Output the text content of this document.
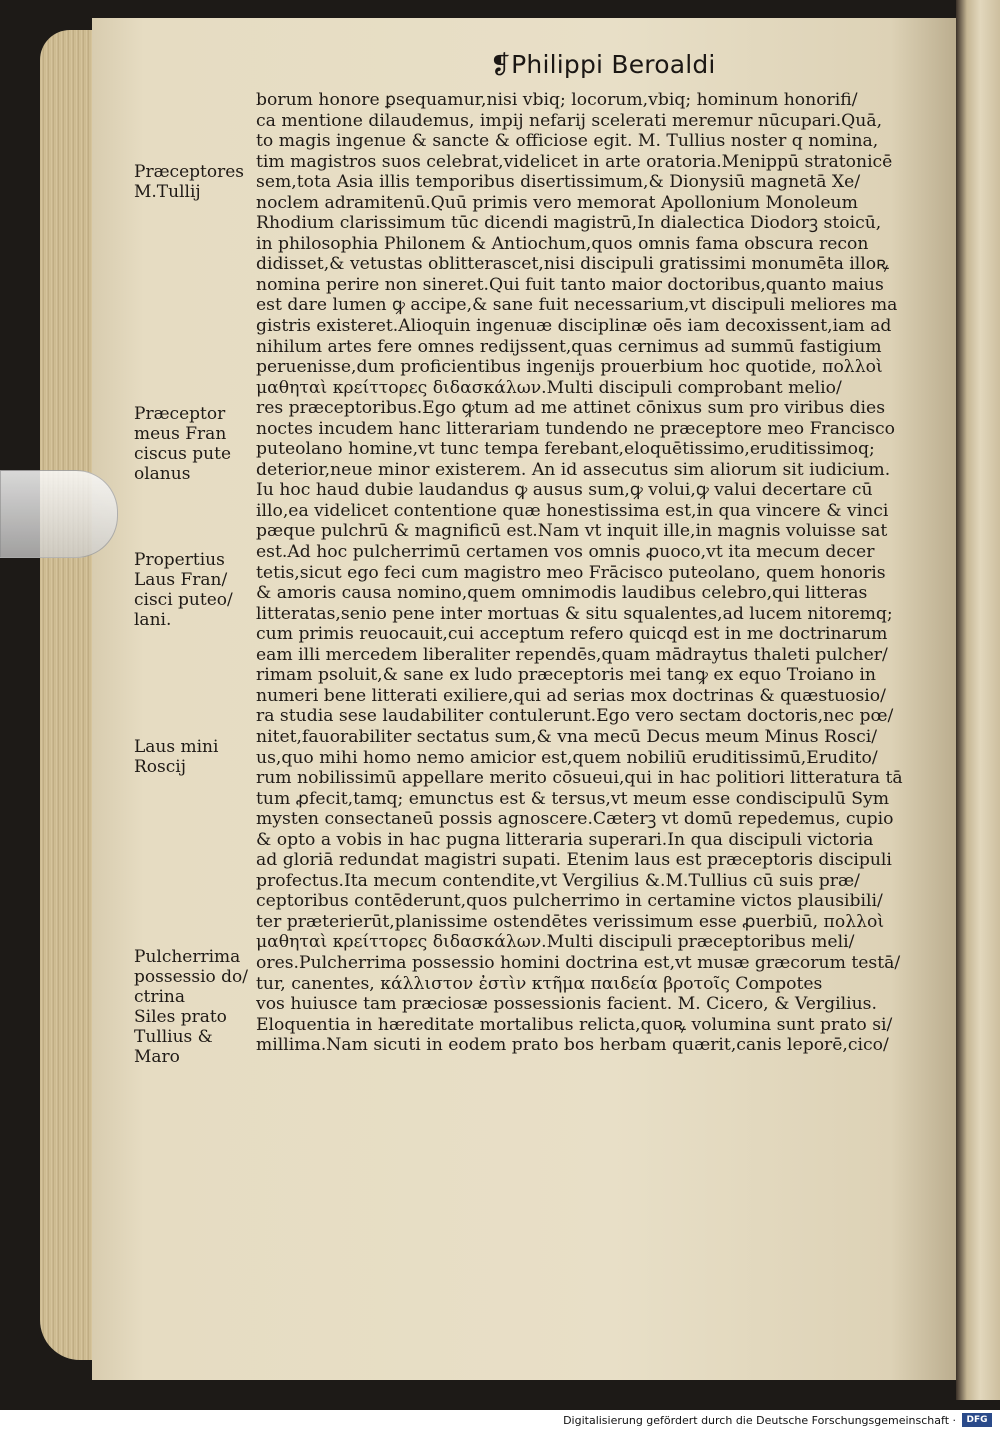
❡Philippi Beroaldi
borum honore ꝑsequamur,nisi vbiq; locorum,vbiq; hominum honorifi/
ca mentione dilaudemus, impij nefarij scelerati meremur nūcupari.Quā,
to magis ingenue & sancte & officiose egit. M. Tullius noster q nomina,
tim magistros suos celebrat,videlicet in arte oratoria.Menippū stratonicē
sem,tota Asia illis temporibus disertissimum,& Dionysiū magnetā Xe/
noclem adramitenū.Quū primis vero memorat Apollonium Monoleum
Rhodium clarissimum tūc dicendi magistrū,In dialectica Diodorꝫ stoicū,
in philosophia Philonem & Antiochum,quos omnis fama obscura recon
didisset,& vetustas oblitterascet,nisi discipuli gratissimi monumēta illoꝶ
nomina perire non sineret.Qui fuit tanto maior doctoribus,quanto maius
est dare lumen ꝙ accipe,& sane fuit necessarium,vt discipuli meliores ma
gistris existeret.Alioquin ingenuæ disciplinæ oēs iam decoxissent,iam ad
nihilum artes fere omnes redijssent,quas cernimus ad summū fastigium
peruenisse,dum proficientibus ingenijs prouerbium hoc quotide, πολλοὶ
μαθηταὶ κρείττορες διδασκάλων.Multi discipuli comprobant melio/
res præceptoribus.Ego ꝙtum ad me attinet cōnixus sum pro viribus dies
noctes incudem hanc litterariam tundendo ne præceptore meo Francisco
puteolano homine,vt tunc tempa ferebant,eloquētissimo,eruditissimoq;
deterior,neue minor existerem. An id assecutus sim aliorum sit iudicium.
Iu hoc haud dubie laudandus ꝙ ausus sum,ꝙ volui,ꝙ valui decertare cū
illo,ea videlicet contentione quæ honestissima est,in qua vincere & vinci
pæque pulchrū & magnificū est.Nam vt inquit ille,in magnis voluisse sat
est.Ad hoc pulcherrimū certamen vos omnis ꝓuoco,vt ita mecum decer
tetis,sicut ego feci cum magistro meo Frācisco puteolano, quem honoris
& amoris causa nomino,quem omnimodis laudibus celebro,qui litteras
litteratas,senio pene inter mortuas & situ squalentes,ad lucem nitoremq;
cum primis reuocauit,cui acceptum refero quicqd est in me doctrinarum
eam illi mercedem liberaliter rependēs,quam mādraytus thaleti pulcher/
rimam psoluit,& sane ex ludo præceptoris mei tanꝙ ex equo Troiano in
numeri bene litterati exiliere,qui ad serias mox doctrinas & quæstuosio/
ra studia sese laudabiliter contulerunt.Ego vero sectam doctoris,nec pœ/
nitet,fauorabiliter sectatus sum,& vna mecū Decus meum Minus Rosci/
us,quo mihi homo nemo amicior est,quem nobiliū eruditissimū,Erudito/
rum nobilissimū appellare merito cōsueui,qui in hac politiori litteratura tā
tum ꝓfecit,tamq; emunctus est & tersus,vt meum esse condiscipulū Sym
mysten consectaneū possis agnoscere.Cæterꝫ vt domū repedemus, cupio
& opto a vobis in hac pugna litteraria superari.In qua discipuli victoria
ad gloriā redundat magistri supati. Etenim laus est præceptoris discipuli
profectus.Ita mecum contendite,vt Vergilius &.M.Tullius cū suis præ/
ceptoribus contēderunt,quos pulcherrimo in certamine victos plausibili/
ter præterierūt,planissime ostendētes verissimum esse ꝓuerbiū, πολλοὶ
μαθηταὶ κρείττορες διδασκάλων.Multi discipuli præceptoribus meli/
ores.Pulcherrima possessio homini doctrina est,vt musæ græcorum testā/
tur, canentes, κάλλιστον ἐστὶν κτῆμα παιδεία βροτοῖς Compotes
vos huiusce tam præciosæ possessionis facient. M. Cicero, & Vergilius.
Eloquentia in hæreditate mortalibus relicta,quoꝶ volumina sunt prato si/
millima.Nam sicuti in eodem prato bos herbam quærit,canis leporē,cico/
Præceptores
M.Tullij
Præceptor
meus Fran
ciscus pute
olanus
Propertius
Laus Fran/
cisci puteo/
lani.
Laus mini
Roscij
Pulcherrima
possessio do/
ctrina
Siles prato
Tullius &
Maro
Digitalisierung gefördert durch die Deutsche Forschungsgemeinschaft ·	DFG
